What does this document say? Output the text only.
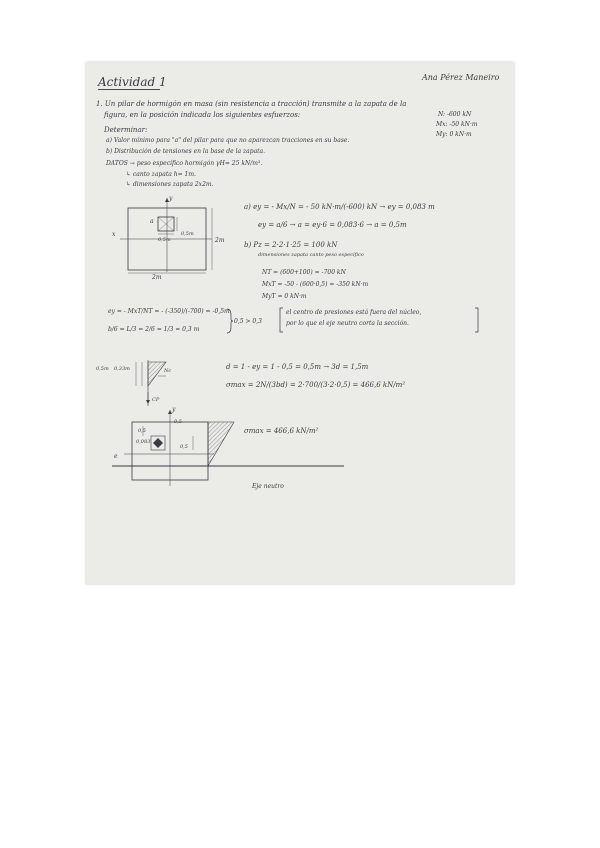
Actividad 1	Ana Pérez Maneiro
1. Un pilar de hormigón en masa (sin resistencia a tracción) transmite a la zapata de la
figura, en la posición indicada los siguientes esfuerzos:	N: -600 kN
Mx: -50 kN·m
My: 0 kN·m
Determinar:
a) Valor mínimo para "a" del pilar para que no aparezcan tracciones en su base.
b) Distribución de tensiones en la base de la zapata.
DATOS → peso específico hormigón γH= 25 kN/m³.
↳ canto zapata h= 1m.
↳ dimensiones zapata 2x2m.
y
x
a
0,5m
0,5m
2m
2m
a) ey = - Mx/N = - 50 kN·m/(-600) kN → ey = 0,083 m
ey = a/6 → a = ey·6 = 0,083·6 → a = 0,5m
b) Pz = 2·2·1·25 = 100 kN
dimensiones zapata canto peso específico
NT = (600+100) = -700 kN
MxT = -50 - (600·0,5) = -350 kN·m
MyT = 0 kN·m
ey = - MxT/NT = - (-350)/(-700) = -0,5m
b/6 = L/3 = 2/6 = 1/3 = 0,3 m
0,5 > 0,3
el centro de presiones está fuera del núcleo,
por lo que el eje neutro corta la sección.
0,5m 0,33m	Nc
CP
d = 1 - ey = 1 - 0,5 = 0,5m → 3d = 1,5m
σmax = 2N/(3bd) = 2·700/(3·2·0,5) = 466,6 kN/m²
y
0,5
0,5
0,5
0,083
e
σmax = 466,6 kN/m²
Eje neutro
